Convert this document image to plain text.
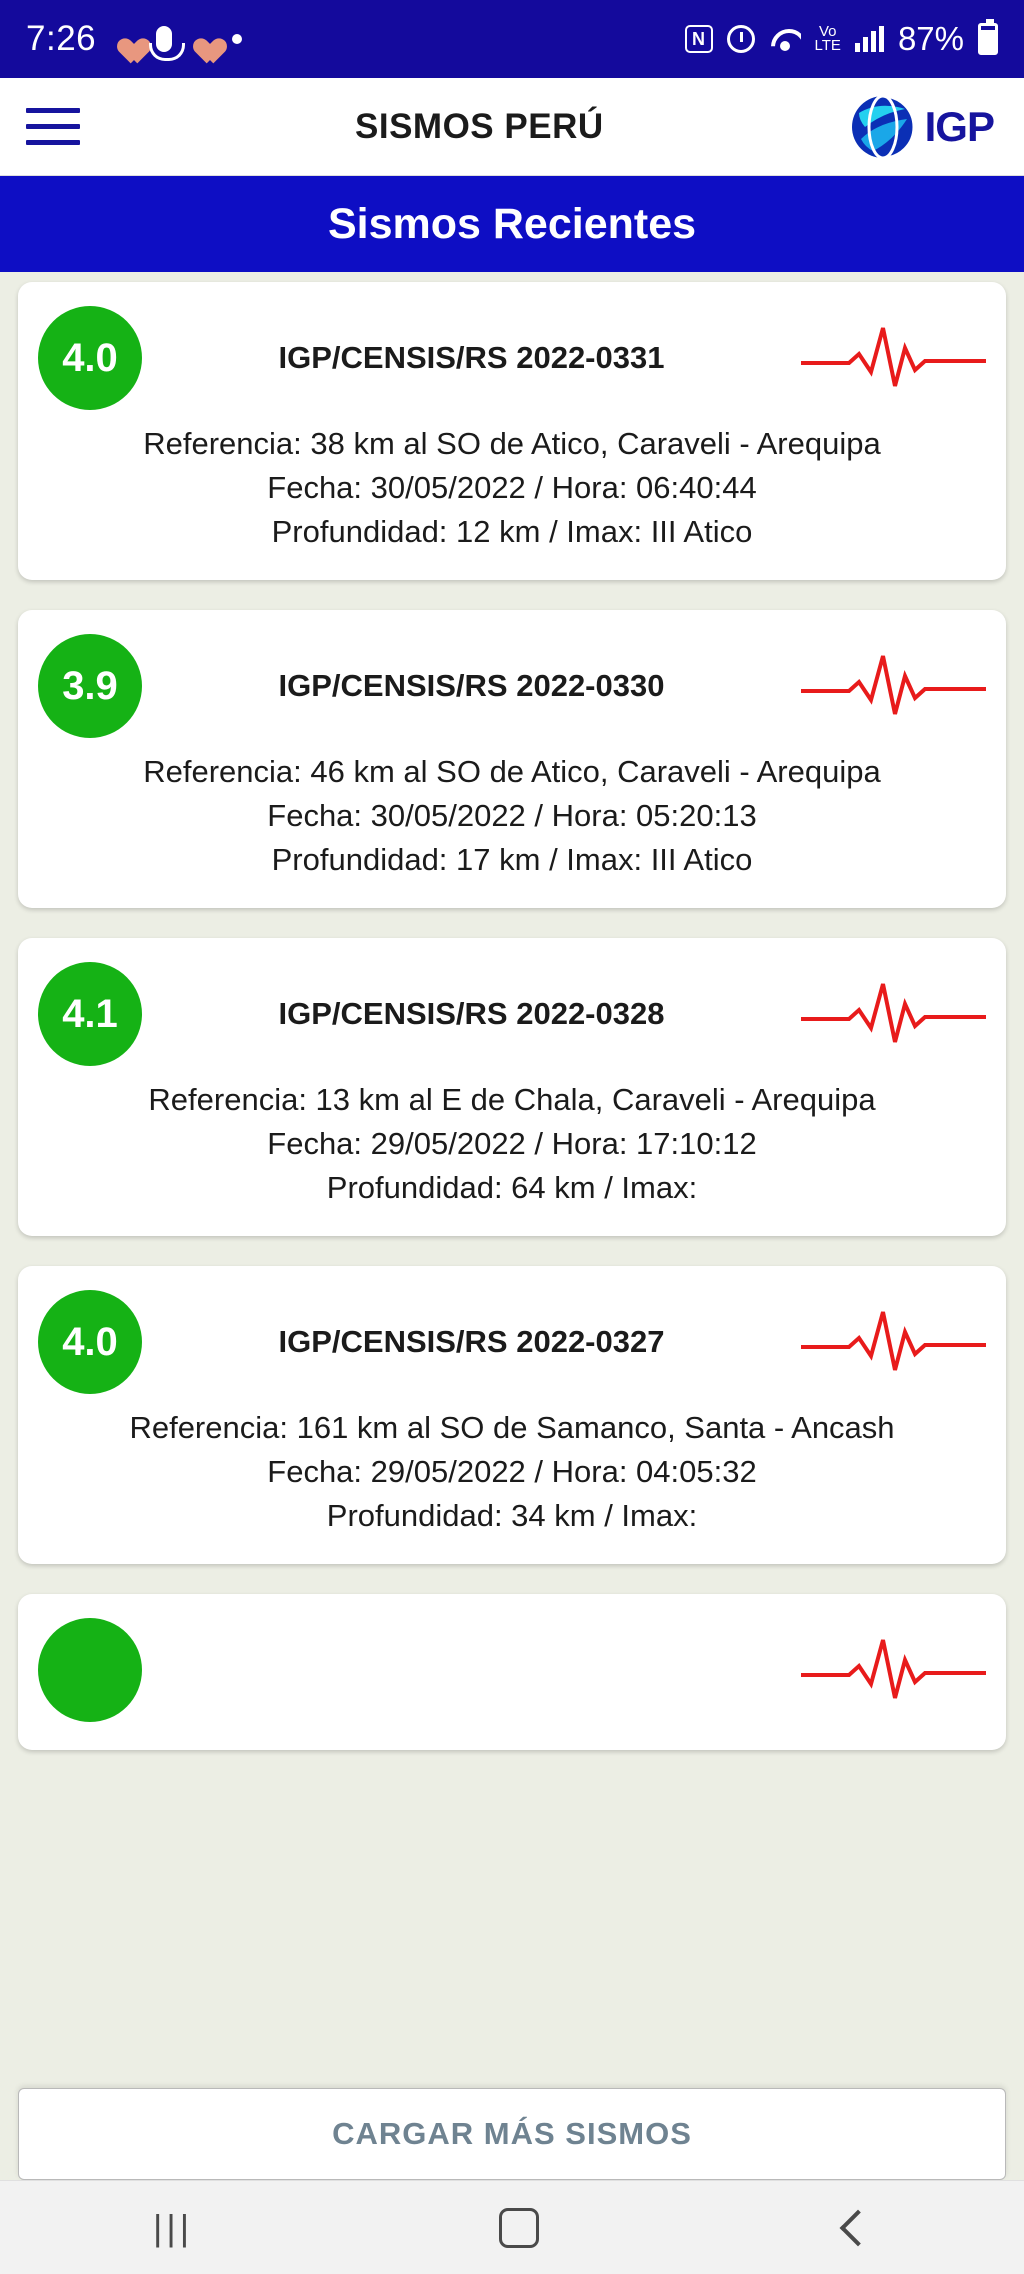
7:26	N	Vo
LTE 87%
SISMOS PERÚ	IGP
Sismos Recientes
4.0	IGP/CENSIS/RS 2022-0331
Referencia: 38 km al SO de Atico, Caraveli - Arequipa
Fecha: 30/05/2022 / Hora: 06:40:44
Profundidad: 12 km / Imax: III Atico
3.9	IGP/CENSIS/RS 2022-0330
Referencia: 46 km al SO de Atico, Caraveli - Arequipa
Fecha: 30/05/2022 / Hora: 05:20:13
Profundidad: 17 km / Imax: III Atico
4.1	IGP/CENSIS/RS 2022-0328
Referencia: 13 km al E de Chala, Caraveli - Arequipa
Fecha: 29/05/2022 / Hora: 17:10:12
Profundidad: 64 km / Imax:
4.0	IGP/CENSIS/RS 2022-0327
Referencia: 161 km al SO de Samanco, Santa - Ancash
Fecha: 29/05/2022 / Hora: 04:05:32
Profundidad: 34 km / Imax:
CARGAR MÁS SISMOS
|||
